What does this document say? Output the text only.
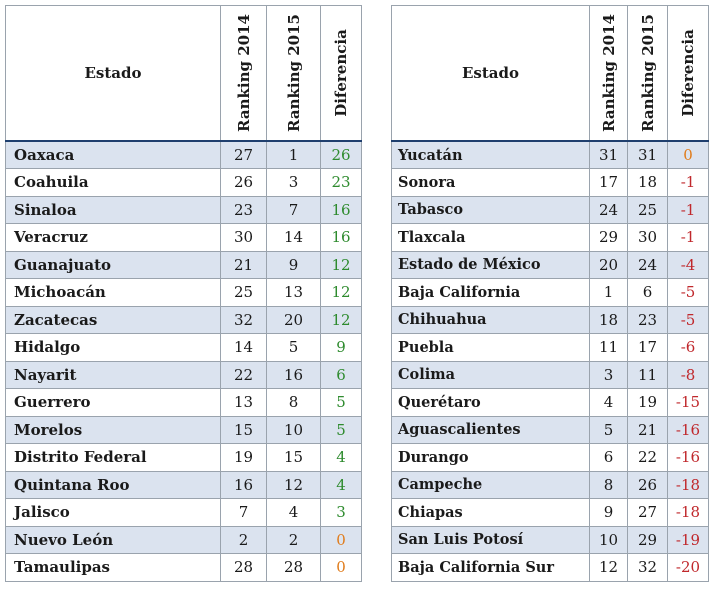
Estado	Ranking 2014	Ranking 2015	Diferencia

Oaxaca	27	1	26
Coahuila	26	3	23
Sinaloa	23	7	16
Veracruz	30	14	16
Guanajuato	21	9	12
Michoacán	25	13	12
Zacatecas	32	20	12
Hidalgo	14	5	9
Nayarit	22	16	6
Guerrero	13	8	5
Morelos	15	10	5
Distrito Federal	19	15	4
Quintana Roo	16	12	4
Jalisco	7	4	3
Nuevo León	2	2	0
Tamaulipas	28	28	0
Estado	Ranking 2014	Ranking 2015	Diferencia

Yucatán	31	31	0
Sonora	17	18	-1
Tabasco	24	25	-1
Tlaxcala	29	30	-1
Estado de México	20	24	-4
Baja California	1	6	-5
Chihuahua	18	23	-5
Puebla	11	17	-6
Colima	3	11	-8
Querétaro	4	19	-15
Aguascalientes	5	21	-16
Durango	6	22	-16
Campeche	8	26	-18
Chiapas	9	27	-18
San Luis Potosí	10	29	-19
Baja California Sur	12	32	-20
